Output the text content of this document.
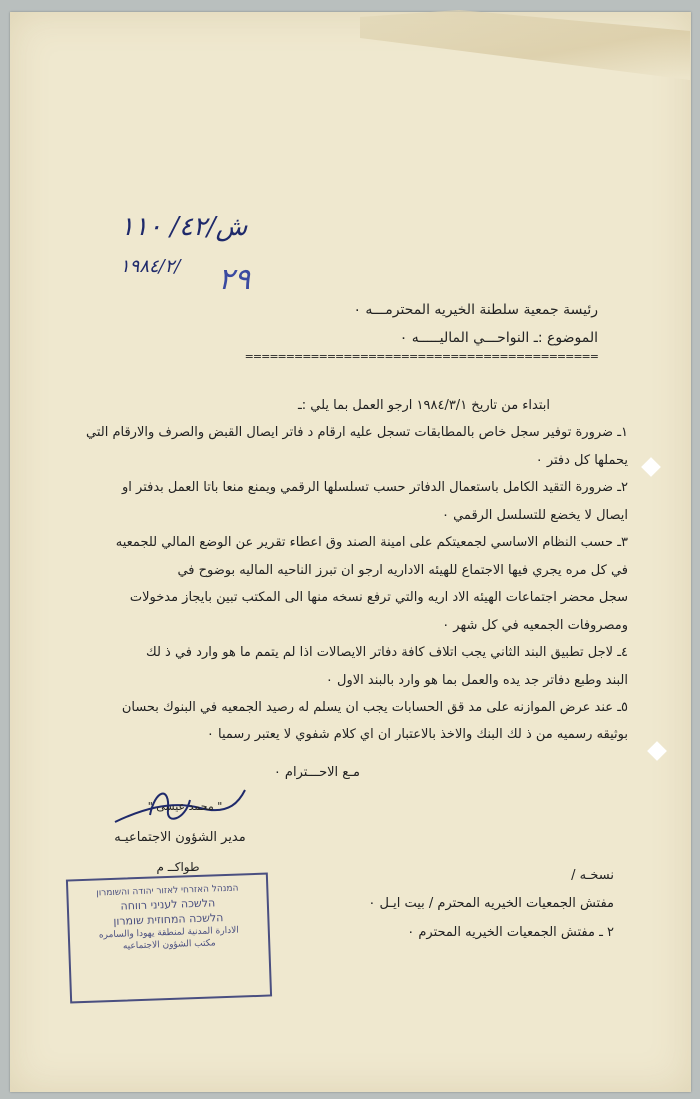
ش/٤٢/ ١١٠
١٩٨٤/٢/ ٢٩
رئيسة جمعية سلطنة الخيريه المحترمـــه ٠
الموضوع :ـ النواحـــي الماليـــــه ٠
===========================================
ابتداء من تاريخ ١٩٨٤/٣/١ ارجو العمل بما يلي :ـ
١ـ ضرورة توفير سجل خاص بالمطابقات تسجل عليه ارقام د فاتر ايصال القبض والصرف والارقام التي
يحملها كل دفتر ٠
٢ـ ضرورة التقيد الكامل باستعمال الدفاتر حسب تسلسلها الرقمي ويمنع منعا باتا العمل بدفتر او
ايصال لا يخضع للتسلسل الرقمي ٠
٣ـ حسب النظام الاساسي لجمعيتكم على امينة الصند وق اعطاء تقرير عن الوضع المالي للجمعيه
في كل مره يجري فيها الاجتماع للهيئه الاداريه ارجو ان تبرز الناحيه الماليه بوضوح في
سجل محضر اجتماعات الهيئه الاد اريه والتي ترفع نسخه منها الى المكتب تبين بايجاز مدخولات
ومصروفات الجمعيه في كل شهر ٠
٤ـ لاجل تطبيق البند الثاني يجب اتلاف كافة دفاتر الايصالات اذا لم يتمم ما هو وارد في ذ لك
البند وطبع دفاتر جد يده والعمل بما هو وارد بالبند الاول ٠
٥ـ عند عرض الموازنه على مد قق الحسابات يجب ان يسلم له رصيد الجمعيه في البنوك بحسان
بوثيقه رسميه من ذ لك البنك والاخذ بالاعتبار ان اي كلام شفوي لا يعتبر رسميا ٠
مـع الاحـــترام ٠
" محمد عيسى "
مدير الشؤون الاجتماعيـه
طواكــ م
نسخـه /
مفتش الجمعيات الخيريه المحترم / بيت ايـل ٠
٢ ـ مفتش الجمعيات الخيريه المحترم ٠
המנהל האזרחי לאזור יהודה והשומרון
הלשכה לעניני רווחה
הלשכה המחוזית שומרון
الادارة المدنية لمنطقة يهودا والسامره
مكتب الشؤون الاجتماعيه
